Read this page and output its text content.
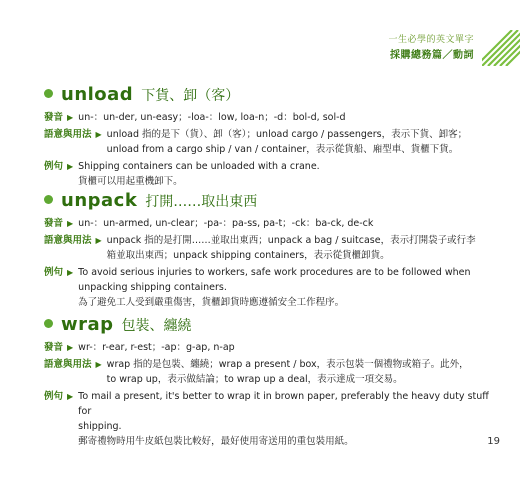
一生必學的英文單字
採購總務篇／動詞
unload 下貨、卸（客）
發音 ▶ un-：un-der, un-easy；-loa-：low, loa-n；-d：bol-d, sol-d
語意與用法 ▶ unload 指的是下（貨）、卸（客）；unload cargo / passengers，表示下貨、卸客；
unload from a cargo ship / van / container，表示從貨船、廂型車、貨櫃下貨。
例句 ▶ Shipping containers can be unloaded with a crane.
貨櫃可以用起重機卸下。
unpack 打開……取出東西
發音 ▶ un-：un-armed, un-clear；-pa-：pa-ss, pa-t；-ck：ba-ck, de-ck
語意與用法 ▶ unpack 指的是打開……並取出東西；unpack a bag / suitcase，表示打開袋子或行李
箱並取出東西；unpack shipping containers，表示從貨櫃卸貨。
例句 ▶ To avoid serious injuries to workers, safe work procedures are to be followed when
unpacking shipping containers.
為了避免工人受到嚴重傷害，貨櫃卸貨時應遵循安全工作程序。
wrap 包裝、纏繞
發音 ▶ wr-：r-ear, r-est；-ap：g-ap, n-ap
語意與用法 ▶ wrap 指的是包裝、纏繞；wrap a present / box，表示包裝一個禮物或箱子。此外，
to wrap up，表示做結論；to wrap up a deal，表示達成一項交易。
例句 ▶ To mail a present, it's better to wrap it in brown paper, preferably the heavy duty stuff for
shipping.
郵寄禮物時用牛皮紙包裝比較好，最好使用寄送用的重包裝用紙。	19
